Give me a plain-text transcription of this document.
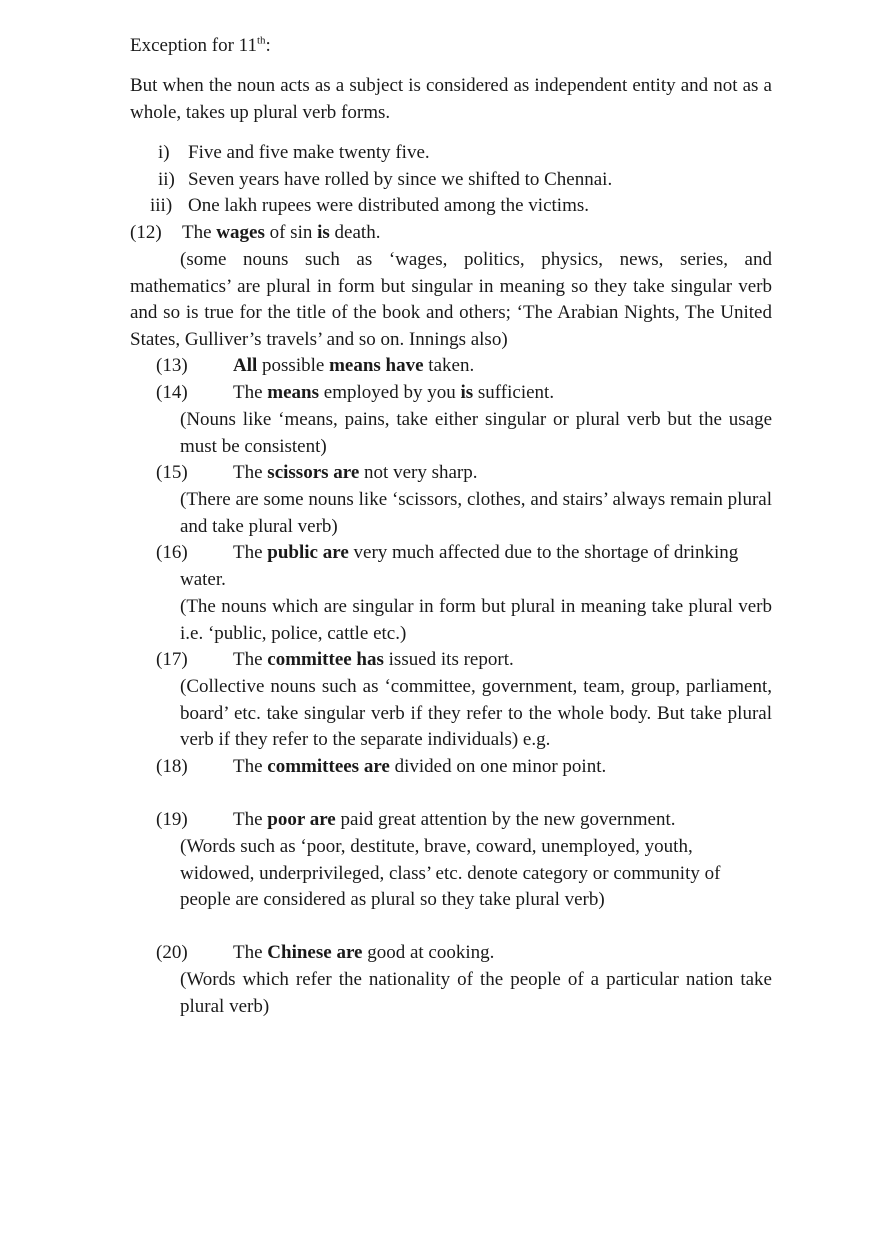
Exception for 11th:

But when the noun acts as a subject is considered as independent entity and not as a whole, takes up plural verb forms.

i) Five and five make twenty five.

ii) Seven years have rolled by since we shifted to Chennai.

iii) One lakh rupees were distributed among the victims.

(12) The wages of sin is death.

(some nouns such as ‘wages, politics, physics, news, series, and mathematics’ are plural in form but singular in meaning so they take singular verb and so is true for the title of the book and others; ‘The Arabian Nights, The United States, Gulliver’s travels’ and so on. Innings also)

(13) All possible means have taken.

(14) The means employed by you is sufficient.

(Nouns like ‘means, pains, take either singular or plural verb but the usage must be consistent)

(15) The scissors are not very sharp.

(There are some nouns like ‘scissors, clothes, and stairs’ always remain plural and take plural verb)

(16) The public are very much affected due to the shortage of drinking

water.

(The nouns which are singular in form but plural in meaning take plural verb i.e. ‘public, police, cattle etc.)

(17) The committee has issued its report.

(Collective nouns such as ‘committee, government, team, group, parliament, board’ etc. take singular verb if they refer to the whole body. But take plural verb if they refer to the separate individuals) e.g.

(18) The committees are divided on one minor point.

(19) The poor are paid great attention by the new government.

(Words such as ‘poor, destitute, brave, coward, unemployed, youth,
widowed, underprivileged, class’ etc. denote category or community of
people are considered as plural so they take plural verb)

(20) The Chinese are good at cooking.

(Words which refer the nationality of the people of a particular nation take plural verb)
